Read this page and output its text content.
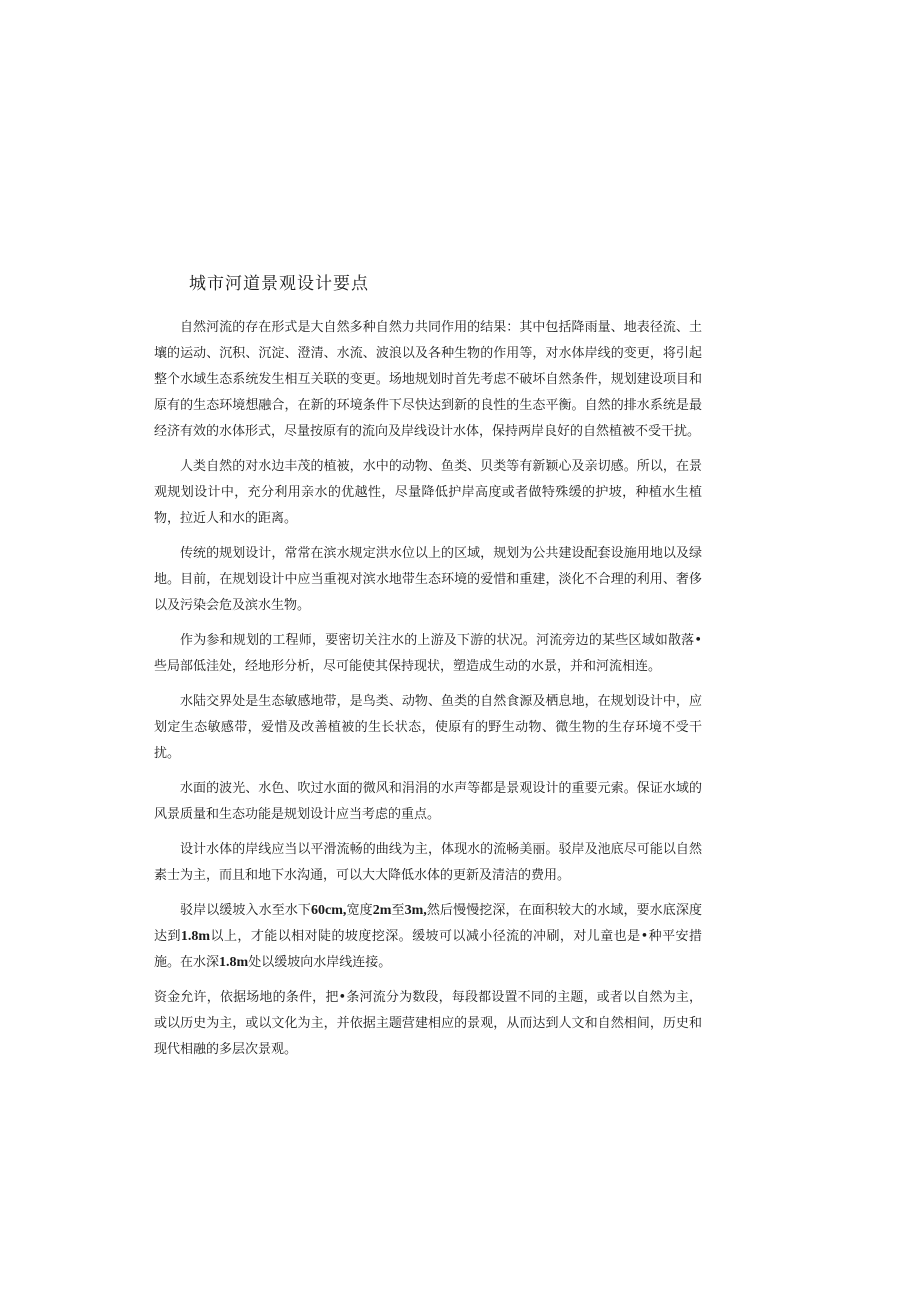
城市河道景观设计要点

自然河流的存在形式是大自然多种自然力共同作用的结果：其中包括降雨量、地表径流、土壤的运动、沉积、沉淀、澄清、水流、波浪以及各种生物的作用等，对水体岸线的变更，将引起整个水域生态系统发生相互关联的变更。场地规划时首先考虑不破坏自然条件，规划建设项目和原有的生态环境想融合，在新的环境条件下尽快达到新的良性的生态平衡。自然的排水系统是最经济有效的水体形式，尽量按原有的流向及岸线设计水体，保持两岸良好的自然植被不受干扰。

人类自然的对水边丰茂的植被，水中的动物、鱼类、贝类等有新颖心及亲切感。所以，在景观规划设计中，充分利用亲水的优越性，尽量降低护岸高度或者做特殊缓的护坡，种植水生植物，拉近人和水的距离。

传统的规划设计，常常在滨水规定洪水位以上的区域，规划为公共建设配套设施用地以及绿地。目前，在规划设计中应当重视对滨水地带生态环境的爱惜和重建，淡化不合理的利用、奢侈以及污染会危及滨水生物。

作为参和规划的工程师，要密切关注水的上游及下游的状况。河流旁边的某些区域如散落•些局部低洼处，经地形分析，尽可能使其保持现状，塑造成生动的水景，并和河流相连。

水陆交界处是生态敏感地带，是鸟类、动物、鱼类的自然食源及栖息地，在规划设计中，应划定生态敏感带，爱惜及改善植被的生长状态，使原有的野生动物、微生物的生存环境不受干扰。

水面的波光、水色、吹过水面的微风和涓涓的水声等都是景观设计的重要元索。保证水域的风景质量和生态功能是规划设计应当考虑的重点。

设计水体的岸线应当以平滑流畅的曲线为主，体现水的流畅美丽。驳岸及池底尽可能以自然素士为主，而且和地下水沟通，可以大大降低水体的更新及清洁的费用。

驳岸以缓坡入水至水下60cm,宽度2m至3m,然后慢慢挖深，在面积较大的水域，要水底深度达到1.8m以上，才能以相对陡的坡度挖深。缓坡可以减小径流的冲刷，对儿童也是•种平安措施。在水深1.8m处以缓坡向水岸线连接。

资金允许，依据场地的条件，把•条河流分为数段，每段都设置不同的主题，或者以自然为主，或以历史为主，或以文化为主，并依据主题营建相应的景观，从而达到人文和自然相间，历史和现代相融的多层次景观。
